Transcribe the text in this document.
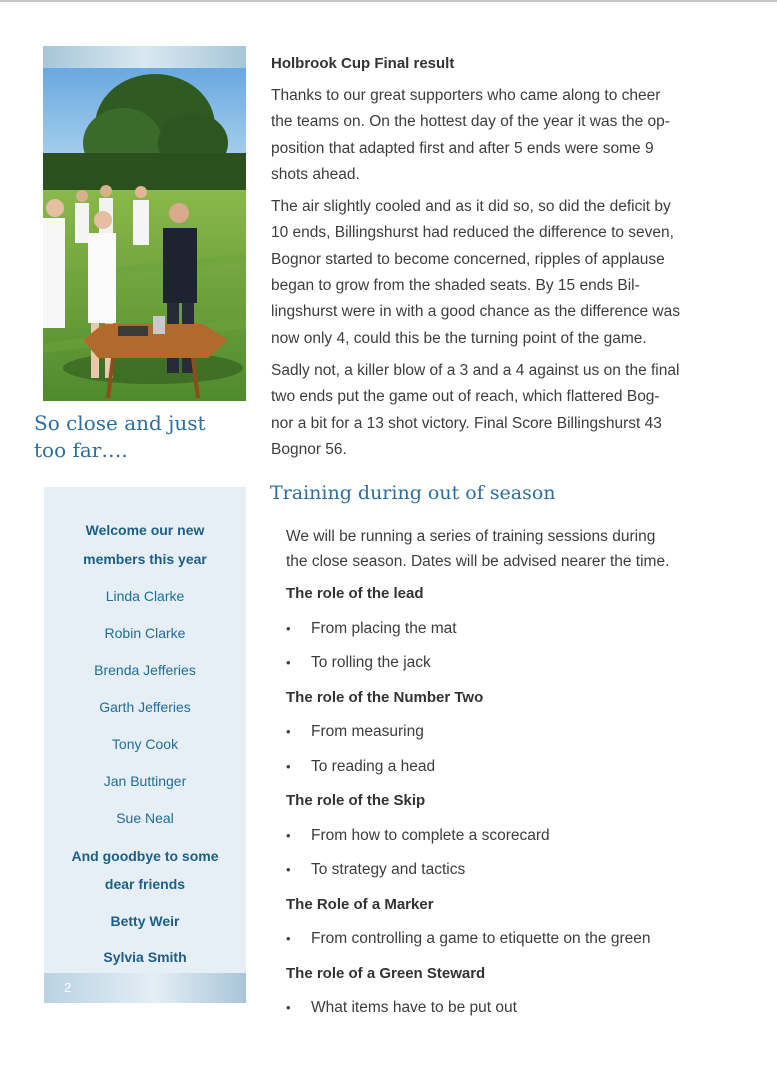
So close and just
too far….
Welcome our new
members this year
Linda Clarke
Robin Clarke
Brenda Jefferies
Garth Jefferies
Tony Cook
Jan Buttinger
Sue Neal
And goodbye to some
dear friends
Betty Weir
Sylvia Smith
2
Holbrook Cup Final result
Thanks to our great supporters who came along to cheer
the teams on. On the hottest day of the year it was the op-
position that adapted first and after 5 ends were some 9
shots ahead.
The air slightly cooled and as it did so, so did the deficit by
10 ends, Billingshurst had reduced the difference to seven,
Bognor started to become concerned, ripples of applause
began to grow from the shaded seats. By 15 ends Bil-
lingshurst were in with a good chance as the difference was
now only 4, could this be the turning point of the game.
Sadly not, a killer blow of a 3 and a 4 against us on the final
two ends put the game out of reach, which flattered Bog-
nor a bit for a 13 shot victory. Final Score Billingshurst 43
Bognor 56.
Training during out of season
We will be running a series of training sessions during
the close season. Dates will be advised nearer the time.
The role of the lead
• From placing the mat
• To rolling the jack
The role of the Number Two
• From measuring
• To reading a head
The role of the Skip
• From how to complete a scorecard
• To strategy and tactics
The Role of a Marker
• From controlling a game to etiquette on the green
The role of a Green Steward
• What items have to be put out
